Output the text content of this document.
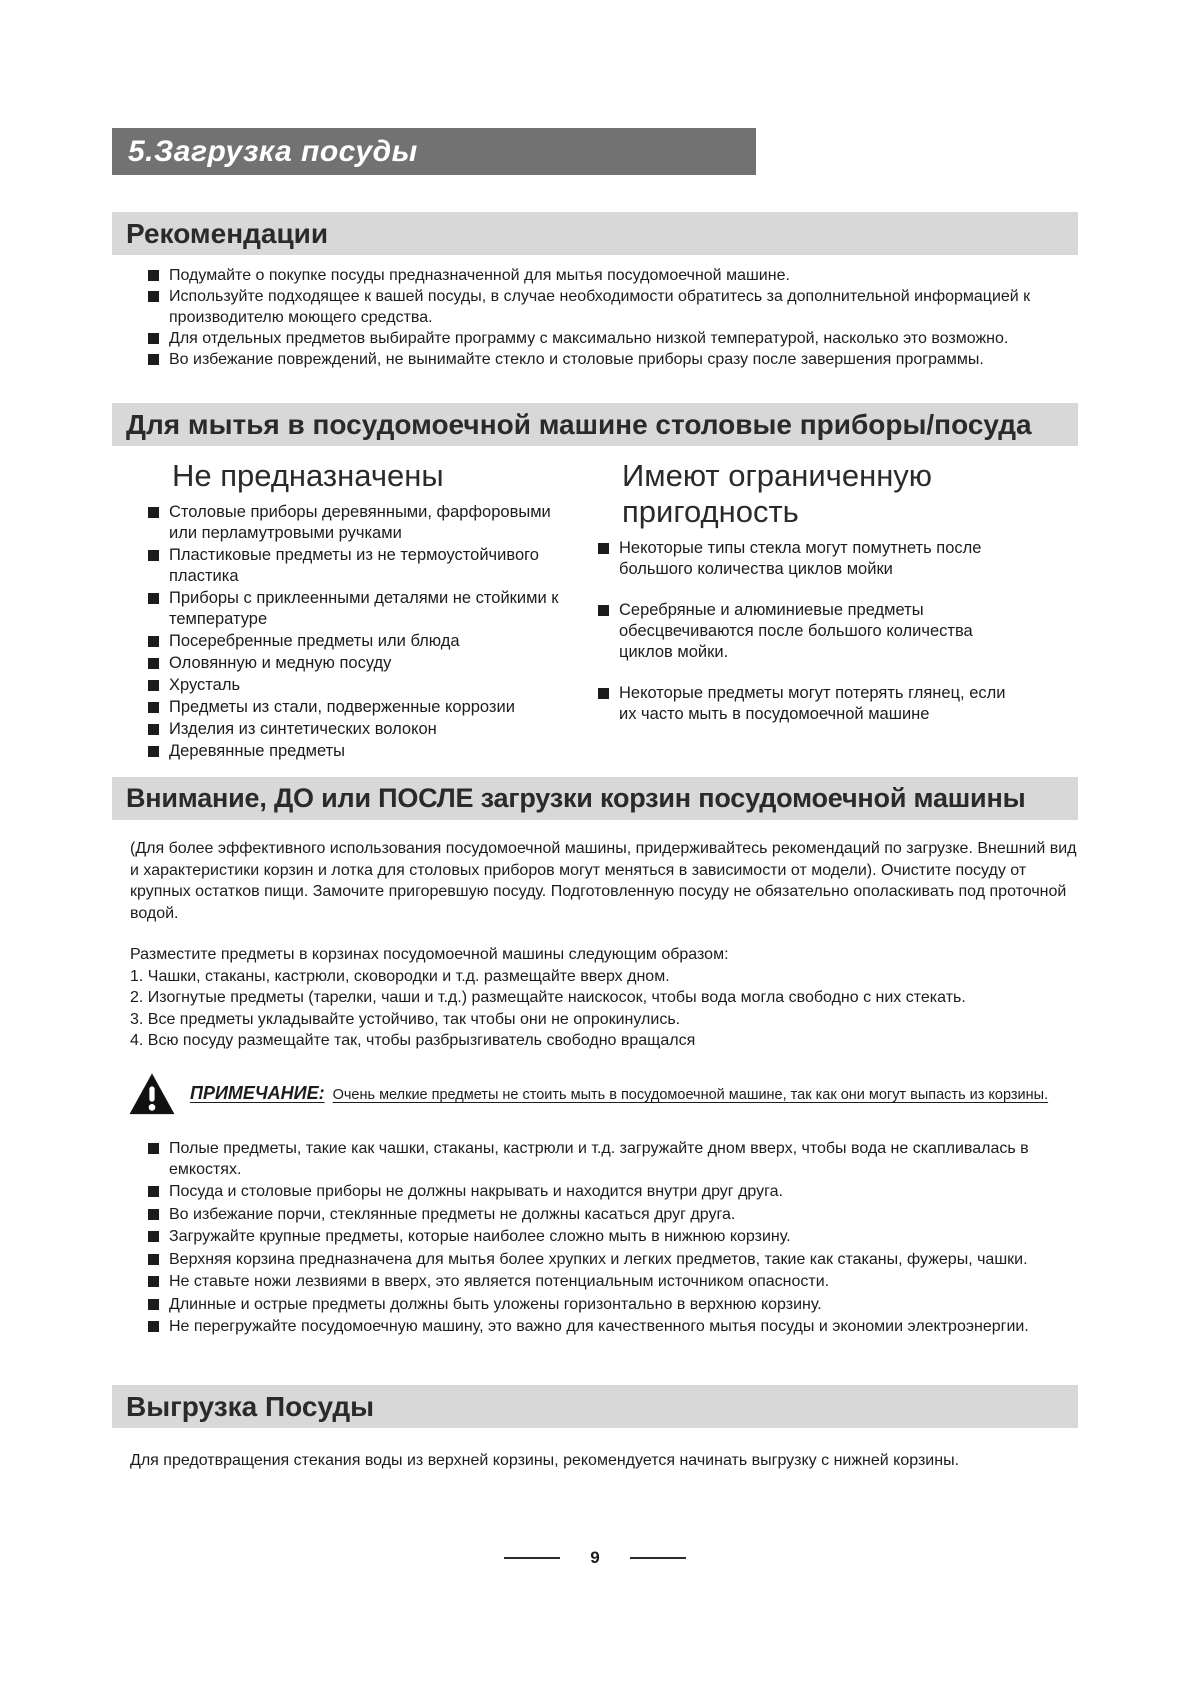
5.Загрузка посуды
Рекомендации
Подумайте о покупке посуды предназначенной для мытья посудомоечной машине.
Используйте подходящее к вашей посуды, в случае необходимости обратитесь за дополнительной информацией к производителю моющего средства.
Для отдельных предметов выбирайте программу с максимально низкой температурой, насколько это возможно.
Во избежание повреждений, не вынимайте стекло и столовые приборы сразу после завершения программы.
Для мытья в посудомоечной машине столовые приборы/посуда
Не предназначены
Столовые приборы деревянными, фарфоровыми или перламутровыми ручками
Пластиковые предметы из не термоустойчивого пластика
Приборы с приклеенными деталями не стойкими к температуре
Посеребренные предметы или блюда
Оловянную и медную посуду
Хрусталь
Предметы из стали, подверженные коррозии
Изделия из синтетических волокон
Деревянные предметы
Имеют ограниченную пригодность
Некоторые типы стекла могут помутнеть после большого количества циклов мойки
Серебряные и алюминиевые предметы обесцвечиваются после большого количества циклов мойки.
Некоторые предметы могут потерять глянец, если их часто мыть в посудомоечной машине
Внимание, ДО или ПОСЛЕ загрузки корзин посудомоечной машины

(Для более эффективного использования посудомоечной машины, придерживайтесь рекомендаций по загрузке. Внешний вид и характеристики корзин и лотка для столовых приборов могут меняться в зависимости от модели). Очистите посуду от крупных остатков пищи. Замочите пригоревшую посуду. Подготовленную посуду не обязательно ополаскивать под проточной водой.

Разместите предметы в корзинах посудомоечной машины следующим образом:
1. Чашки, стаканы, кастрюли, сковородки и т.д. размещайте вверх дном.
2. Изогнутые предметы (тарелки, чаши и т.д.) размещайте наискосок, чтобы вода могла свободно с них стекать.
3. Все предметы укладывайте устойчиво, так чтобы они не опрокинулись.
4. Всю посуду размещайте так, чтобы разбрызгиватель свободно вращался

ПРИМЕЧАНИЕ: Очень мелкие предметы не стоить мыть в посудомоечной машине, так как они могут выпасть из корзины.

Полые предметы, такие как чашки, стаканы, кастрюли и т.д. загружайте дном вверх, чтобы вода не скапливалась в емкостях.
Посуда и столовые приборы не должны накрывать и находится внутри друг друга.
Во избежание порчи, стеклянные предметы не должны касаться друг друга.
Загружайте крупные предметы, которые наиболее сложно мыть в нижнюю корзину.
Верхняя корзина предназначена для мытья более хрупких и легких предметов, такие как стаканы, фужеры, чашки.
Не ставьте ножи лезвиями в вверх, это является потенциальным источником опасности.
Длинные и острые предметы должны быть уложены горизонтально в верхнюю корзину.
Не перегружайте посудомоечную машину, это важно для качественного мытья посуды и экономии электроэнергии.
Выгрузка Посуды

Для предотвращения стекания воды из верхней корзины, рекомендуется начинать выгрузку с нижней корзины.

9
